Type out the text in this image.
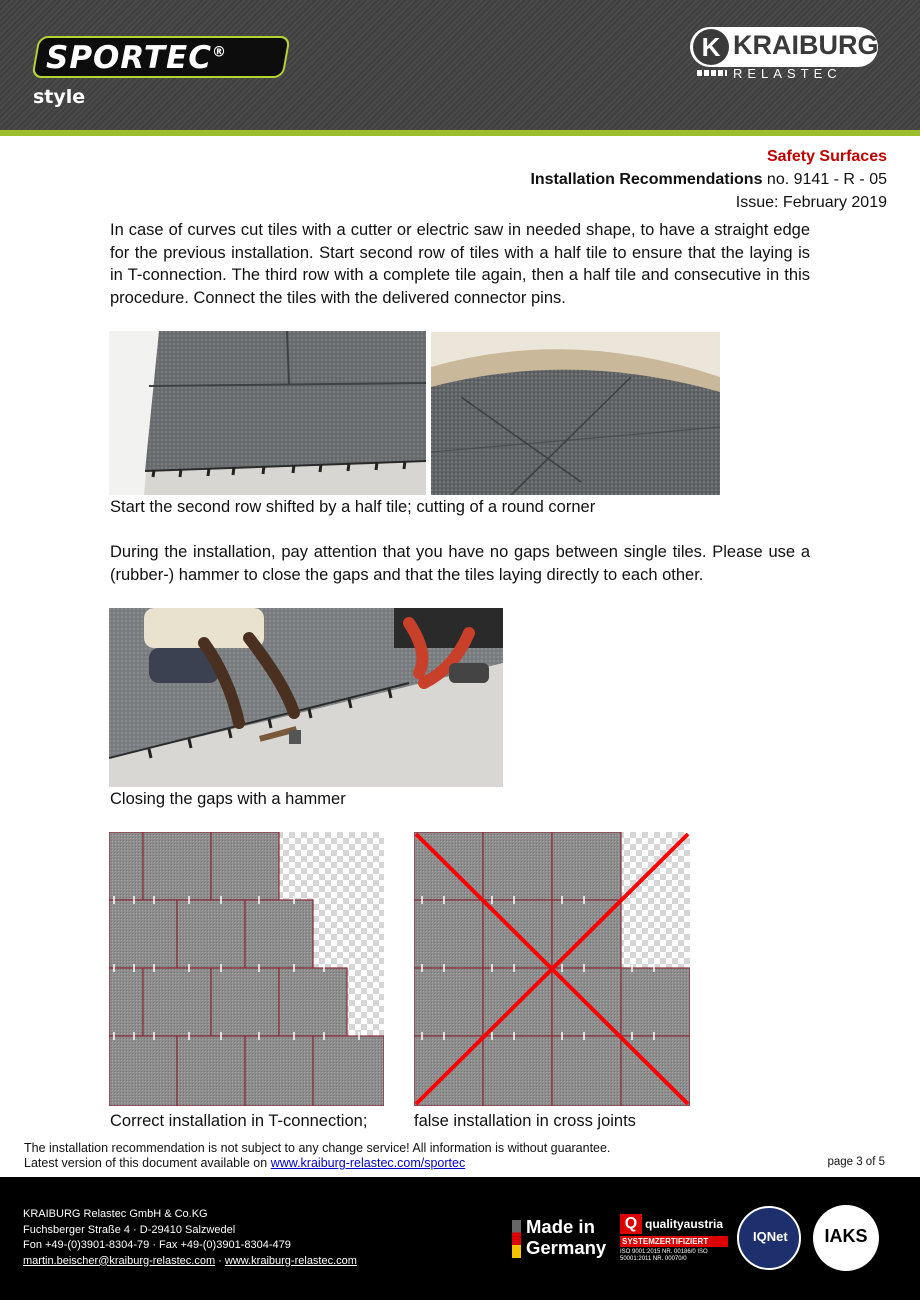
SPORTEC®
style
K KRAIBURG
RELASTEC
Safety Surfaces
Installation Recommendations no. 9141 - R - 05
Issue: February 2019

In case of curves cut tiles with a cutter or electric saw in needed shape, to have a straight edge for the previous installation. Start second row of tiles with a half tile to ensure that the laying is in T-connection. The third row with a complete tile again, then a half tile and consecutive in this procedure. Connect the tiles with the delivered connector pins.

Start the second row shifted by a half tile; cutting of a round corner

During the installation, pay attention that you have no gaps between single tiles. Please use a (rubber-) hammer to close the gaps and that the tiles laying directly to each other.

Closing the gaps with a hammer
Correct installation in T-connection;	false installation in cross joints
The installation recommendation is not subject to any change service! All information is without guarantee.
Latest version of this document available on www.kraiburg-relastec.com/sportec	page 3 of 5
KRAIBURG Relastec GmbH & Co.KG
Fuchsberger Straße 4 · D-29410 Salzwedel
Fon +49-(0)3901-8304-79 · Fax +49-(0)3901-8304-479
martin.beischer@kraiburg-relastec.com · www.kraiburg-relastec.com
Made in
Germany
Q qualityaustria
SYSTEMZERTIFIZIERT
ISO 9001:2015 NR. 00186/0 ISO 50001:2011 NR. 00070/0
IQNet IAKS
